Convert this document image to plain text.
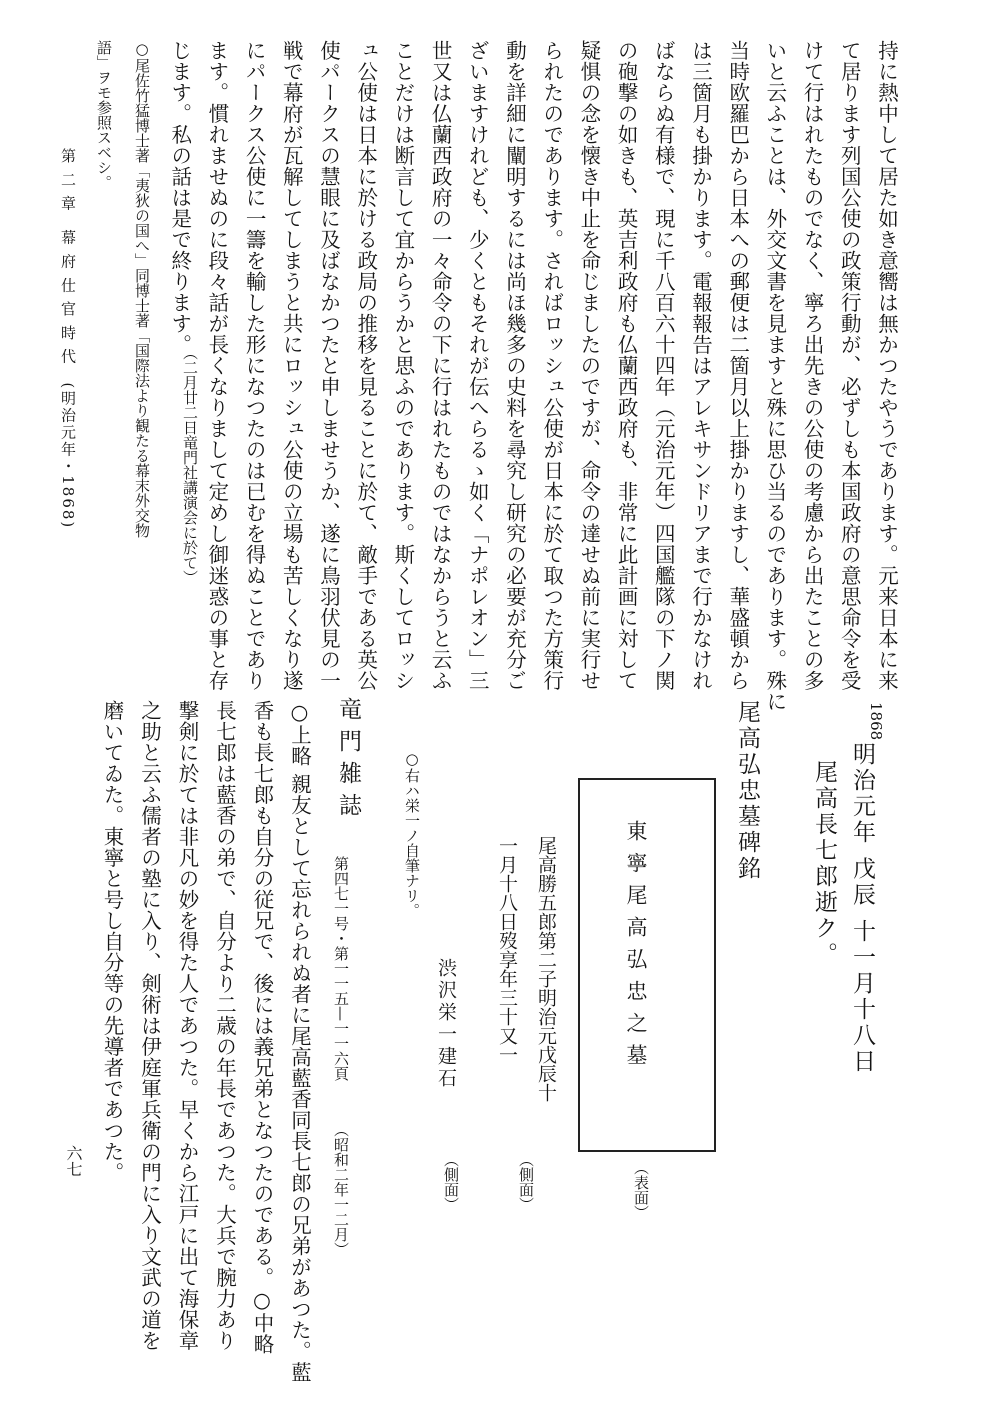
持に熱中して居た如き意嚮は無かつたやうであります。元来日本に来
て居ります列国公使の政策行動が、必ずしも本国政府の意思命令を受
けて行はれたものでなく、寧ろ出先きの公使の考慮から出たことの多
いと云ふことは、外交文書を見ますと殊に思ひ当るのであります。殊に
当時欧羅巴から日本への郵便は二箇月以上掛かりますし、華盛頓から
は三箇月も掛かります。電報報告はアレキサンドリアまで行かなけれ
ばならぬ有様で、現に千八百六十四年（元治元年）四国艦隊の下ノ関
の砲撃の如きも、英吉利政府も仏蘭西政府も、非常に此計画に対して
疑惧の念を懐き中止を命じましたのですが、命令の達せぬ前に実行せ
られたのであります。さればロッシュ公使が日本に於て取つた方策行
動を詳細に闡明するには尚ほ幾多の史料を尋究し研究の必要が充分ご
ざいますけれども、少くともそれが伝へらるゝ如く「ナポレオン」三
世又は仏蘭西政府の一々命令の下に行はれたものではなからうと云ふ
ことだけは断言して宜からうかと思ふのであります。斯くしてロッシ
ュ公使は日本に於ける政局の推移を見ることに於て、敵手である英公
使パークスの慧眼に及ばなかつたと申しませうか、遂に鳥羽伏見の一
戦で幕府が瓦解してしまうと共にロッシュ公使の立場も苦しくなり遂
にパークス公使に一籌を輸した形になつたのは已むを得ぬことであり
ます。慣れませぬのに段々話が長くなりまして定めし御迷惑の事と存
じます。私の話は是で終ります。
（二月廿二日竜門社講演会に於て）
○尾佐竹猛博士著「夷狄の国へ」同博士著「国際法より観たる幕末外交物
語」ヲモ参照スベシ。
第 二 章　幕 府 仕 官 時 代　(明治元年・1868)
六七
1868
明治元年 戊辰 十一月十八日
尾高長七郎逝ク。
尾高弘忠墓碑銘
東寧尾高弘忠之墓
（表面）
尾高勝五郎第二子明治元戊辰十
一月十八日歿享年三十又一
（側面）
渋沢栄一建石
（側面）
○右ハ栄一ノ自筆ナリ。
竜門雑誌
第四七一号・第一一五—一一六頁
（昭和二年一二月）
○上略 親友として忘れられぬ者に尾高藍香同長七郎の兄弟があつた。藍
香も長七郎も自分の従兄で、後には義兄弟となつたのである。○中略
長七郎は藍香の弟で、自分より二歳の年長であつた。大兵で腕力あり
撃剣に於ては非凡の妙を得た人であつた。早くから江戸に出て海保章
之助と云ふ儒者の塾に入り、剣術は伊庭軍兵衛の門に入り文武の道を
磨いてゐた。東寧と号し自分等の先導者であつた。
